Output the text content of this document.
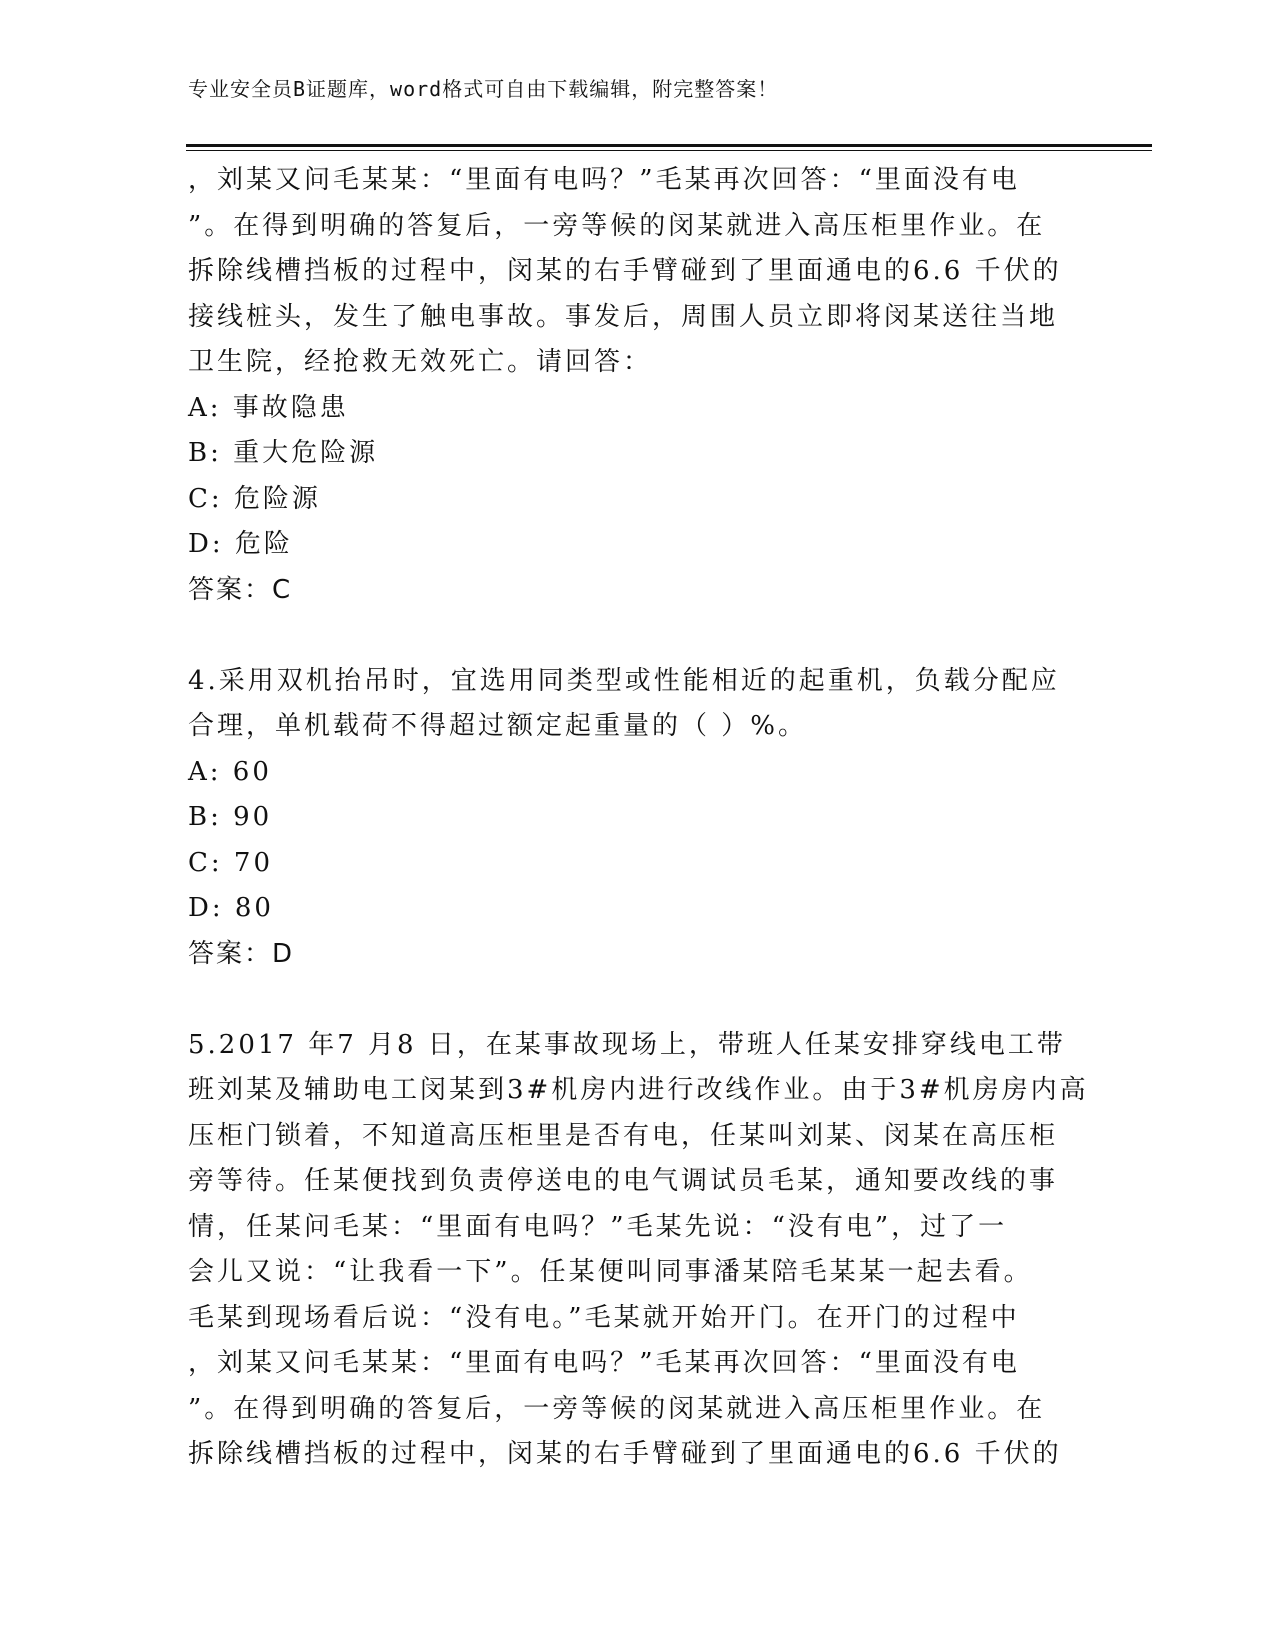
专业安全员B证题库，word格式可自由下载编辑，附完整答案！
，刘某又问毛某某：“里面有电吗？”毛某再次回答：“里面没有电
”。在得到明确的答复后，一旁等候的闵某就进入高压柜里作业。在
拆除线槽挡板的过程中，闵某的右手臂碰到了里面通电的6.6 千伏的
接线桩头，发生了触电事故。事发后，周围人员立即将闵某送往当地
卫生院，经抢救无效死亡。请回答：
A: 事故隐患
B: 重大危险源
C: 危险源
D: 危险
答案：C
4.采用双机抬吊时，宜选用同类型或性能相近的起重机，负载分配应
合理，单机载荷不得超过额定起重量的（ ）%。
A: 60
B: 90
C: 70
D: 80
答案：D
5.2017 年7 月8 日，在某事故现场上，带班人任某安排穿线电工带
班刘某及辅助电工闵某到3#机房内进行改线作业。由于3#机房房内高
压柜门锁着，不知道高压柜里是否有电，任某叫刘某、闵某在高压柜
旁等待。任某便找到负责停送电的电气调试员毛某，通知要改线的事
情，任某问毛某：“里面有电吗？”毛某先说：“没有电”，过了一
会儿又说：“让我看一下”。任某便叫同事潘某陪毛某某一起去看。
毛某到现场看后说：“没有电。”毛某就开始开门。在开门的过程中
，刘某又问毛某某：“里面有电吗？”毛某再次回答：“里面没有电
”。在得到明确的答复后，一旁等候的闵某就进入高压柜里作业。在
拆除线槽挡板的过程中，闵某的右手臂碰到了里面通电的6.6 千伏的
